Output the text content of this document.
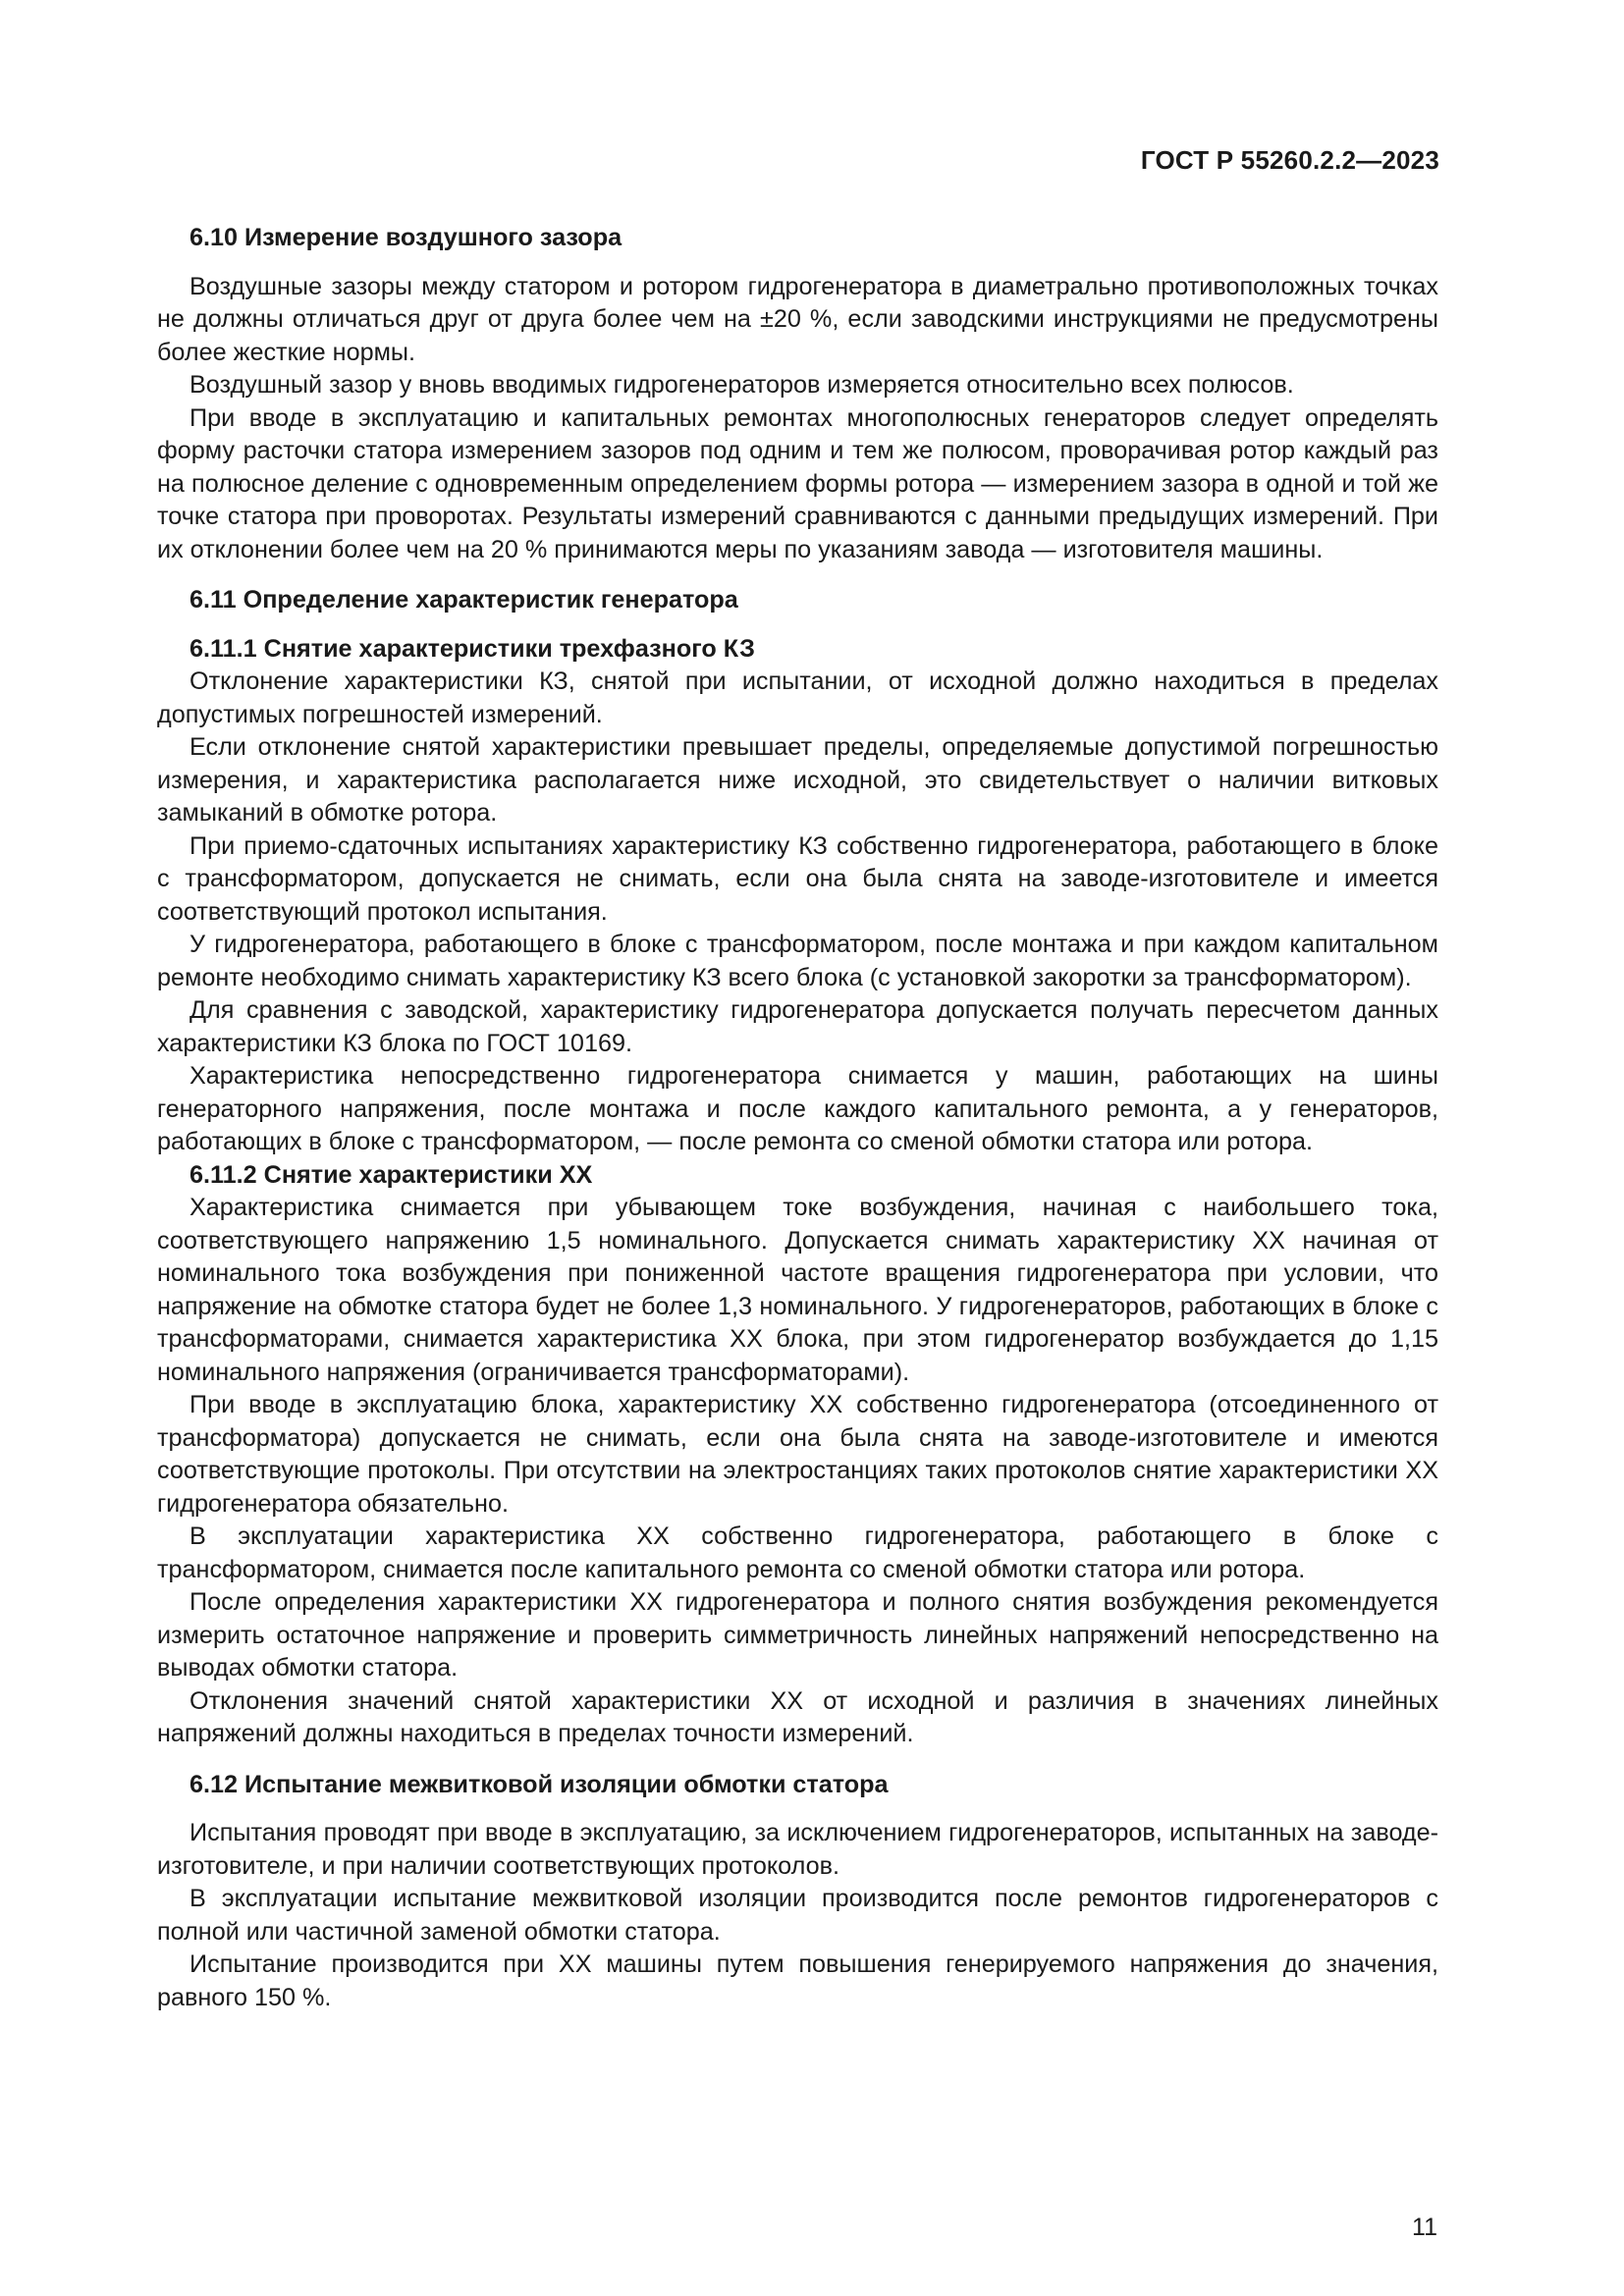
ГОСТ Р 55260.2.2—2023
6.10 Измерение воздушного зазора

Воздушные зазоры между статором и ротором гидрогенератора в диаметрально противоположных точках не должны отличаться друг от друга более чем на ±20 %, если заводскими инструкциями не предусмотрены более жесткие нормы.

Воздушный зазор у вновь вводимых гидрогенераторов измеряется относительно всех полюсов.

При вводе в эксплуатацию и капитальных ремонтах многополюсных генераторов следует определять форму расточки статора измерением зазоров под одним и тем же полюсом, проворачивая ротор каждый раз на полюсное деление с одновременным определением формы ротора — измерением зазора в одной и той же точке статора при проворотах. Результаты измерений сравниваются с данными предыдущих измерений. При их отклонении более чем на 20 % принимаются меры по указаниям завода — изготовителя машины.

6.11 Определение характеристик генератора
6.11.1 Снятие характеристики трехфазного КЗ

Отклонение характеристики КЗ, снятой при испытании, от исходной должно находиться в пределах допустимых погрешностей измерений.

Если отклонение снятой характеристики превышает пределы, определяемые допустимой погрешностью измерения, и характеристика располагается ниже исходной, это свидетельствует о наличии витковых замыканий в обмотке ротора.

При приемо-сдаточных испытаниях характеристику КЗ собственно гидрогенератора, работающего в блоке с трансформатором, допускается не снимать, если она была снята на заводе-изготовителе и имеется соответствующий протокол испытания.

У гидрогенератора, работающего в блоке с трансформатором, после монтажа и при каждом капитальном ремонте необходимо снимать характеристику КЗ всего блока (с установкой закоротки за трансформатором).

Для сравнения с заводской, характеристику гидрогенератора допускается получать пересчетом данных характеристики КЗ блока по ГОСТ 10169.

Характеристика непосредственно гидрогенератора снимается у машин, работающих на шины генераторного напряжения, после монтажа и после каждого капитального ремонта, а у генераторов, работающих в блоке с трансформатором, — после ремонта со сменой обмотки статора или ротора.

6.11.2 Снятие характеристики ХХ

Характеристика снимается при убывающем токе возбуждения, начиная с наибольшего тока, соответствующего напряжению 1,5 номинального. Допускается снимать характеристику ХХ начиная от номинального тока возбуждения при пониженной частоте вращения гидрогенератора при условии, что напряжение на обмотке статора будет не более 1,3 номинального. У гидрогенераторов, работающих в блоке с трансформаторами, снимается характеристика ХХ блока, при этом гидрогенератор возбуждается до 1,15 номинального напряжения (ограничивается трансформаторами).

При вводе в эксплуатацию блока, характеристику ХХ собственно гидрогенератора (отсоединенного от трансформатора) допускается не снимать, если она была снята на заводе-изготовителе и имеются соответствующие протоколы. При отсутствии на электростанциях таких протоколов снятие характеристики ХХ гидрогенератора обязательно.

В эксплуатации характеристика ХХ собственно гидрогенератора, работающего в блоке с трансформатором, снимается после капитального ремонта со сменой обмотки статора или ротора.

После определения характеристики ХХ гидрогенератора и полного снятия возбуждения рекомендуется измерить остаточное напряжение и проверить симметричность линейных напряжений непосредственно на выводах обмотки статора.

Отклонения значений снятой характеристики ХХ от исходной и различия в значениях линейных напряжений должны находиться в пределах точности измерений.

6.12 Испытание межвитковой изоляции обмотки статора

Испытания проводят при вводе в эксплуатацию, за исключением гидрогенераторов, испытанных на заводе-изготовителе, и при наличии соответствующих протоколов.

В эксплуатации испытание межвитковой изоляции производится после ремонтов гидрогенераторов с полной или частичной заменой обмотки статора.

Испытание производится при ХХ машины путем повышения генерируемого напряжения до значения, равного 150 %.

11
